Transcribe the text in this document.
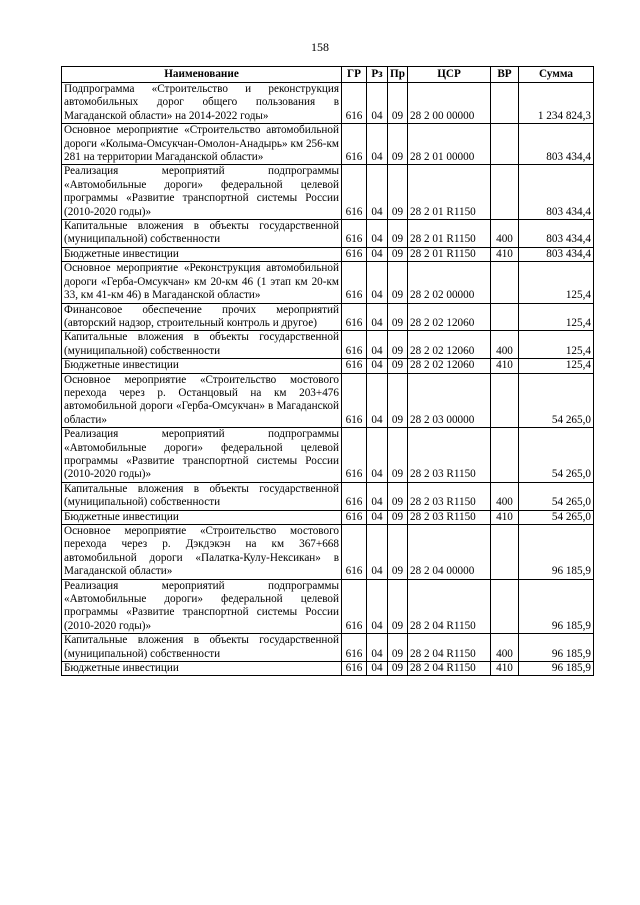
158
Наименование	ГР	Рз	Пр	ЦСР	ВР	Сумма
Подпрограмма «Строительство и реконструкция автомобильных дорог общего пользования в Магаданской области» на 2014-2022 годы»	616	04	09	28 2 00 00000		1 234 824,3
Основное мероприятие «Строительство автомобильной дороги «Колыма-Омсукчан-Омолон-Анадырь» км 256-км 281 на территории Магаданской области»	616	04	09	28 2 01 00000		803 434,4
Реализация мероприятий подпрограммы «Автомобильные дороги» федеральной целевой программы «Развитие транспортной системы России (2010-2020 годы)»	616	04	09	28 2 01 R1150		803 434,4
Капитальные вложения в объекты государственной (муниципальной) собственности	616	04	09	28 2 01 R1150	400	803 434,4
Бюджетные инвестиции	616	04	09	28 2 01 R1150	410	803 434,4
Основное мероприятие «Реконструкция автомобильной дороги «Герба-Омсукчан» км 20-км 46 (1 этап км 20-км 33, км 41-км 46) в Магаданской области»	616	04	09	28 2 02 00000		125,4
Финансовое обеспечение прочих мероприятий (авторский надзор, строительный контроль и другое)	616	04	09	28 2 02 12060		125,4
Капитальные вложения в объекты государственной (муниципальной) собственности	616	04	09	28 2 02 12060	400	125,4
Бюджетные инвестиции	616	04	09	28 2 02 12060	410	125,4
Основное мероприятие «Строительство мостового перехода через р. Останцовый на км 203+476 автомобильной дороги «Герба-Омсукчан» в Магаданской области»	616	04	09	28 2 03 00000		54 265,0
Реализация мероприятий подпрограммы «Автомобильные дороги» федеральной целевой программы «Развитие транспортной системы России (2010-2020 годы)»	616	04	09	28 2 03 R1150		54 265,0
Капитальные вложения в объекты государственной (муниципальной) собственности	616	04	09	28 2 03 R1150	400	54 265,0
Бюджетные инвестиции	616	04	09	28 2 03 R1150	410	54 265,0
Основное мероприятие «Строительство мостового перехода через р. Дэкдэкэн на км 367+668 автомобильной дороги «Палатка-Кулу-Нексикан» в Магаданской области»	616	04	09	28 2 04 00000		96 185,9
Реализация мероприятий подпрограммы «Автомобильные дороги» федеральной целевой программы «Развитие транспортной системы России (2010-2020 годы)»	616	04	09	28 2 04 R1150		96 185,9
Капитальные вложения в объекты государственной (муниципальной) собственности	616	04	09	28 2 04 R1150	400	96 185,9
Бюджетные инвестиции	616	04	09	28 2 04 R1150	410	96 185,9
